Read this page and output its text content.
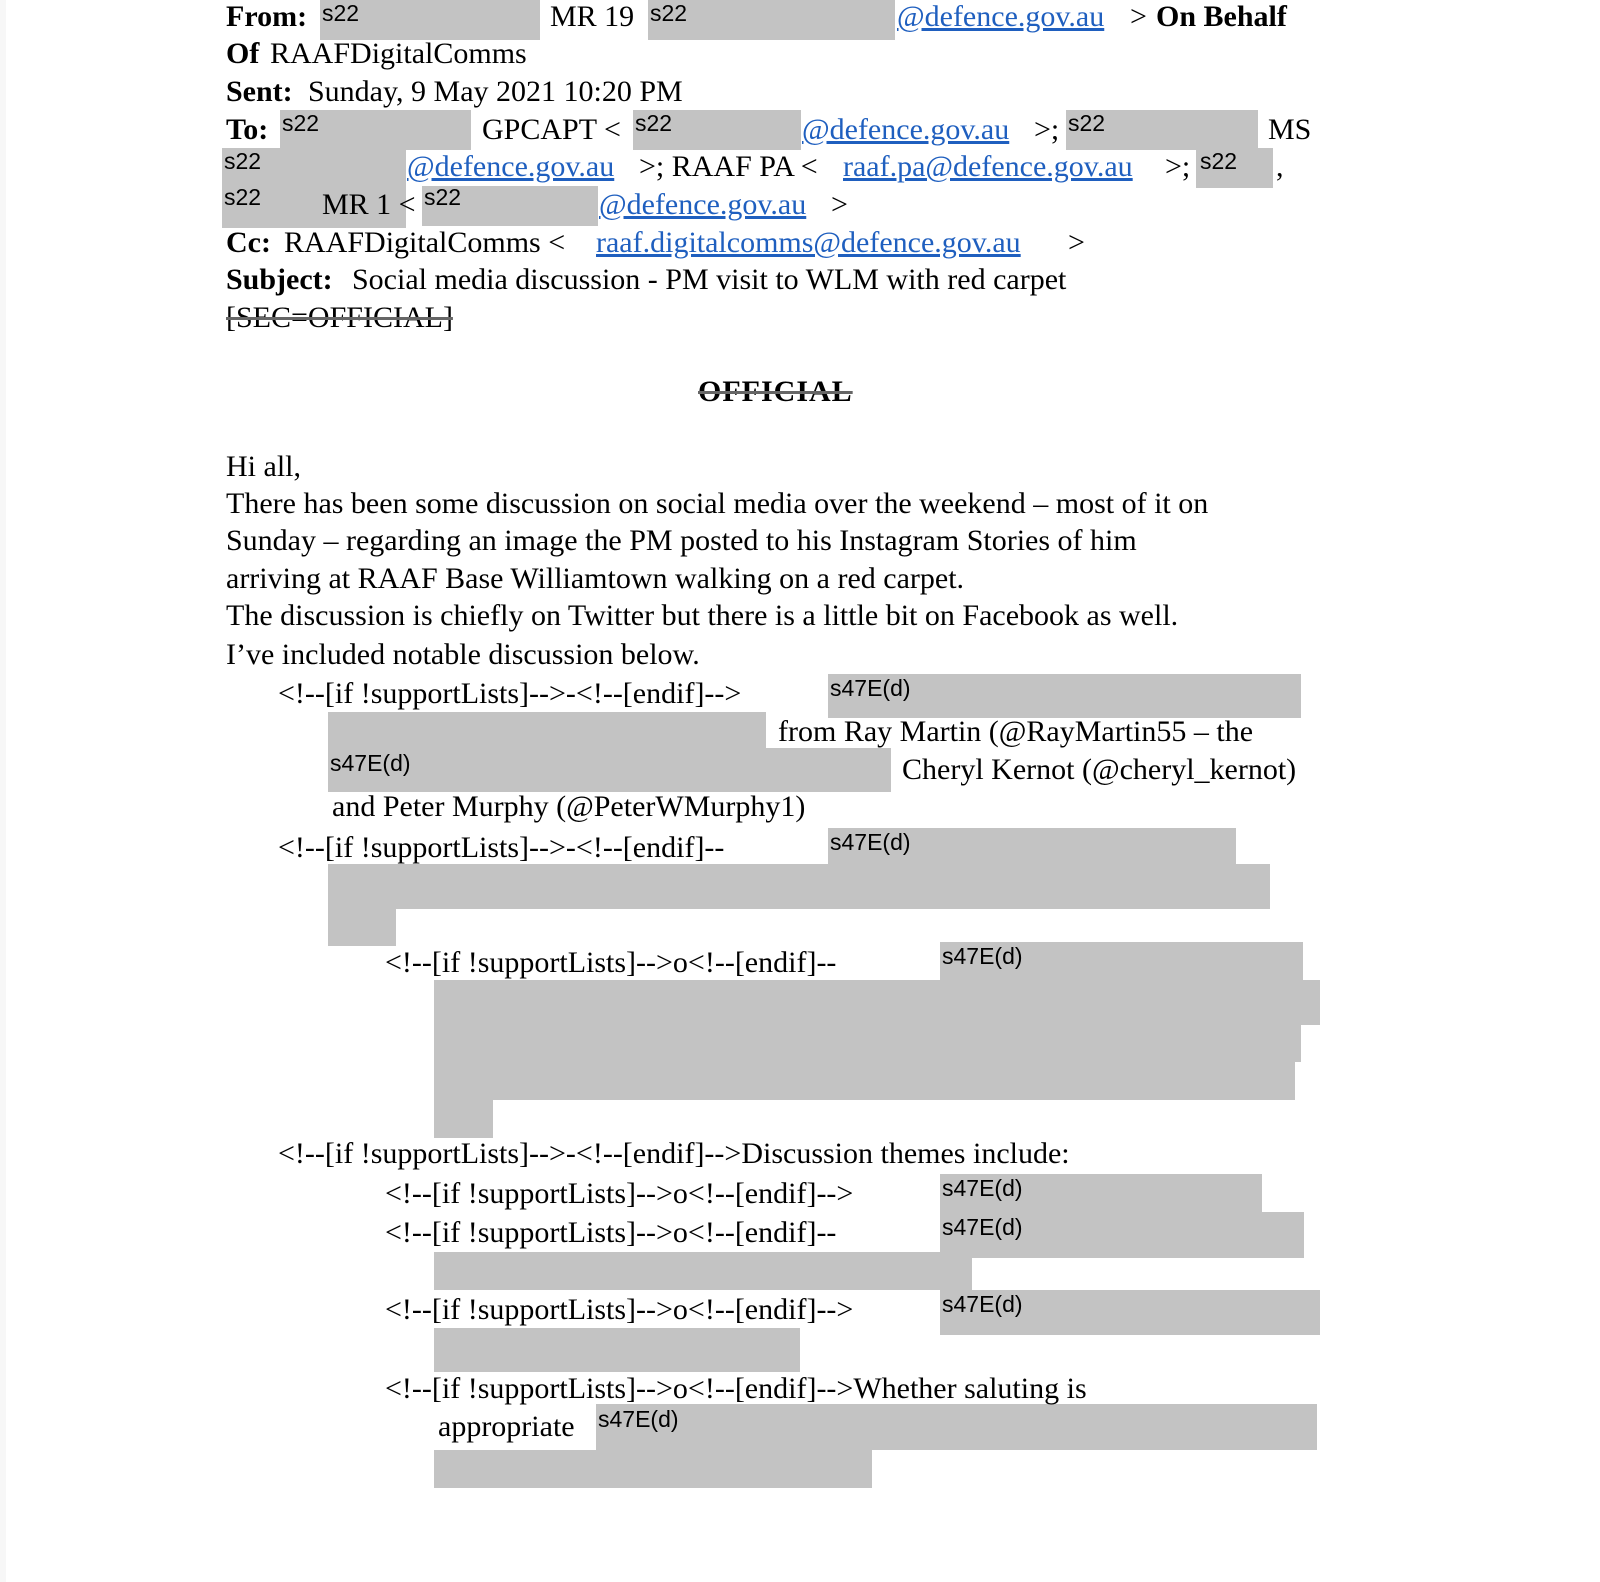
s22	s22
s22	s22	s22
s22	s22
s22	s22
s47E(d)
s47E(d)
s47E(d)
s47E(d)
s47E(d)
s47E(d)
s47E(d)
s47E(d)
From:	MR 19	@defence.gov.au > On Behalf
Of RAAFDigitalComms
Sent: Sunday, 9 May 2021 10:20 PM
To:	GPCAPT <	@defence.gov.au >;	MS
@defence.gov.au >; RAAF PA < raaf.pa@defence.gov.au >;	,
MR 1 <	@defence.gov.au >
Cc: RAAFDigitalComms < raaf.digitalcomms@defence.gov.au >
Subject: Social media discussion - PM visit to WLM with red carpet
[SEC=OFFICIAL]
OFFICIAL
Hi all,
There has been some discussion on social media over the weekend – most of it on
Sunday – regarding an image the PM posted to his Instagram Stories of him
arriving at RAAF Base Williamtown walking on a red carpet.
The discussion is chiefly on Twitter but there is a little bit on Facebook as well.
I’ve included notable discussion below.
<!--[if !supportLists]-->-<!--[endif]-->
from Ray Martin (@RayMartin55 – the
Cheryl Kernot (@cheryl_kernot)
and Peter Murphy (@PeterWMurphy1)
<!--[if !supportLists]-->-<!--[endif]--
<!--[if !supportLists]-->o<!--[endif]--
<!--[if !supportLists]-->-<!--[endif]-->Discussion themes include:
<!--[if !supportLists]-->o<!--[endif]-->
<!--[if !supportLists]-->o<!--[endif]--
<!--[if !supportLists]-->o<!--[endif]-->
<!--[if !supportLists]-->o<!--[endif]-->Whether saluting is
appropriate
